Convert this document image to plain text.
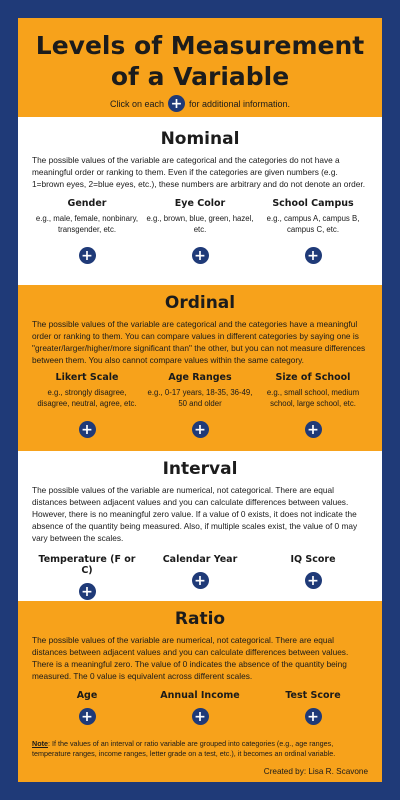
Levels of Measurement
of a Variable
Click on each + for additional information.
Nominal
The possible values of the variable are categorical and the categories do not have a meaningful order or ranking to them. Even if the categories are given numbers (e.g. 1=brown eyes, 2=blue eyes, etc.), these numbers are arbitrary and do not denote an order.
Gender
e.g., male, female, nonbinary, transgender, etc.
+
Eye Color
e.g., brown, blue, green, hazel, etc.
+
School Campus
e.g., campus A, campus B, campus C, etc.
+
Ordinal
The possible values of the variable are categorical and the categories have a meaningful order or ranking to them. You can compare values in different categories by saying one is "greater/larger/higher/more significant than" the other, but you can not measure differences between them. You also cannot compare values within the same category.
Likert Scale
e.g., strongly disagree, disagree, neutral, agree, etc.
+
Age Ranges
e.g., 0-17 years, 18-35, 36-49, 50 and older
+
Size of School
e.g., small school, medium school, large school, etc.
+
Interval
The possible values of the variable are numerical, not categorical. There are equal distances between adjacent values and you can calculate differences between values. However, there is no meaningful zero value. If a value of 0 exists, it does not indicate the absence of the quantity being measured. Also, if multiple scales exist, the value of 0 may vary between the scales.
Temperature (F or C)
+
Calendar Year
+
IQ Score
+
Ratio
The possible values of the variable are numerical, not categorical. There are equal distances between adjacent values and you can calculate differences between values. There is a meaningful zero. The value of 0 indicates the absence of the quantity being measured. The 0 value is equivalent across different scales.
Age
+
Annual Income
+
Test Score
+
Note: If the values of an interval or ratio variable are grouped into categories (e.g., age ranges, temperature ranges, income ranges, letter grade on a test, etc.), it becomes an ordinal variable.
Created by: Lisa R. Scavone
